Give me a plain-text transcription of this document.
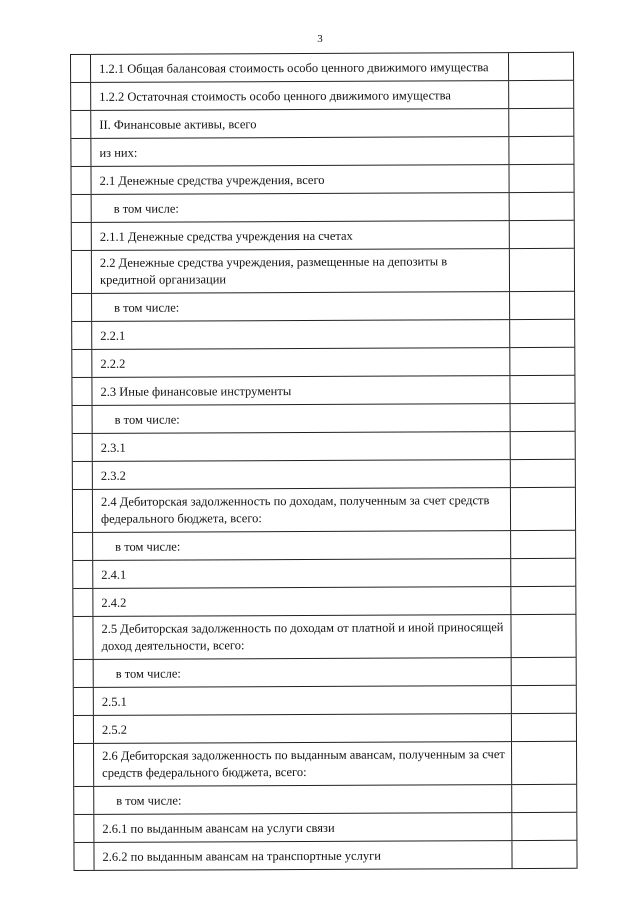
3
1.2.1 Общая балансовая стоимость особо ценного движимого имущества
1.2.2 Остаточная стоимость особо ценного движимого имущества
II. Финансовые активы, всего
из них:
2.1 Денежные средства учреждения, всего
в том числе:
2.1.1 Денежные средства учреждения на счетах
2.2 Денежные средства учреждения, размещенные на депозиты в кредитной организации
в том числе:
2.2.1
2.2.2
2.3 Иные финансовые инструменты
в том числе:
2.3.1
2.3.2
2.4 Дебиторская задолженность по доходам, полученным за счет средств федерального бюджета, всего:
в том числе:
2.4.1
2.4.2
2.5 Дебиторская задолженность по доходам от платной и иной приносящей доход деятельности, всего:
в том числе:
2.5.1
2.5.2
2.6 Дебиторская задолженность по выданным авансам, полученным за счет средств федерального бюджета, всего:
в том числе:
2.6.1 по выданным авансам на услуги связи
2.6.2 по выданным авансам на транспортные услуги
